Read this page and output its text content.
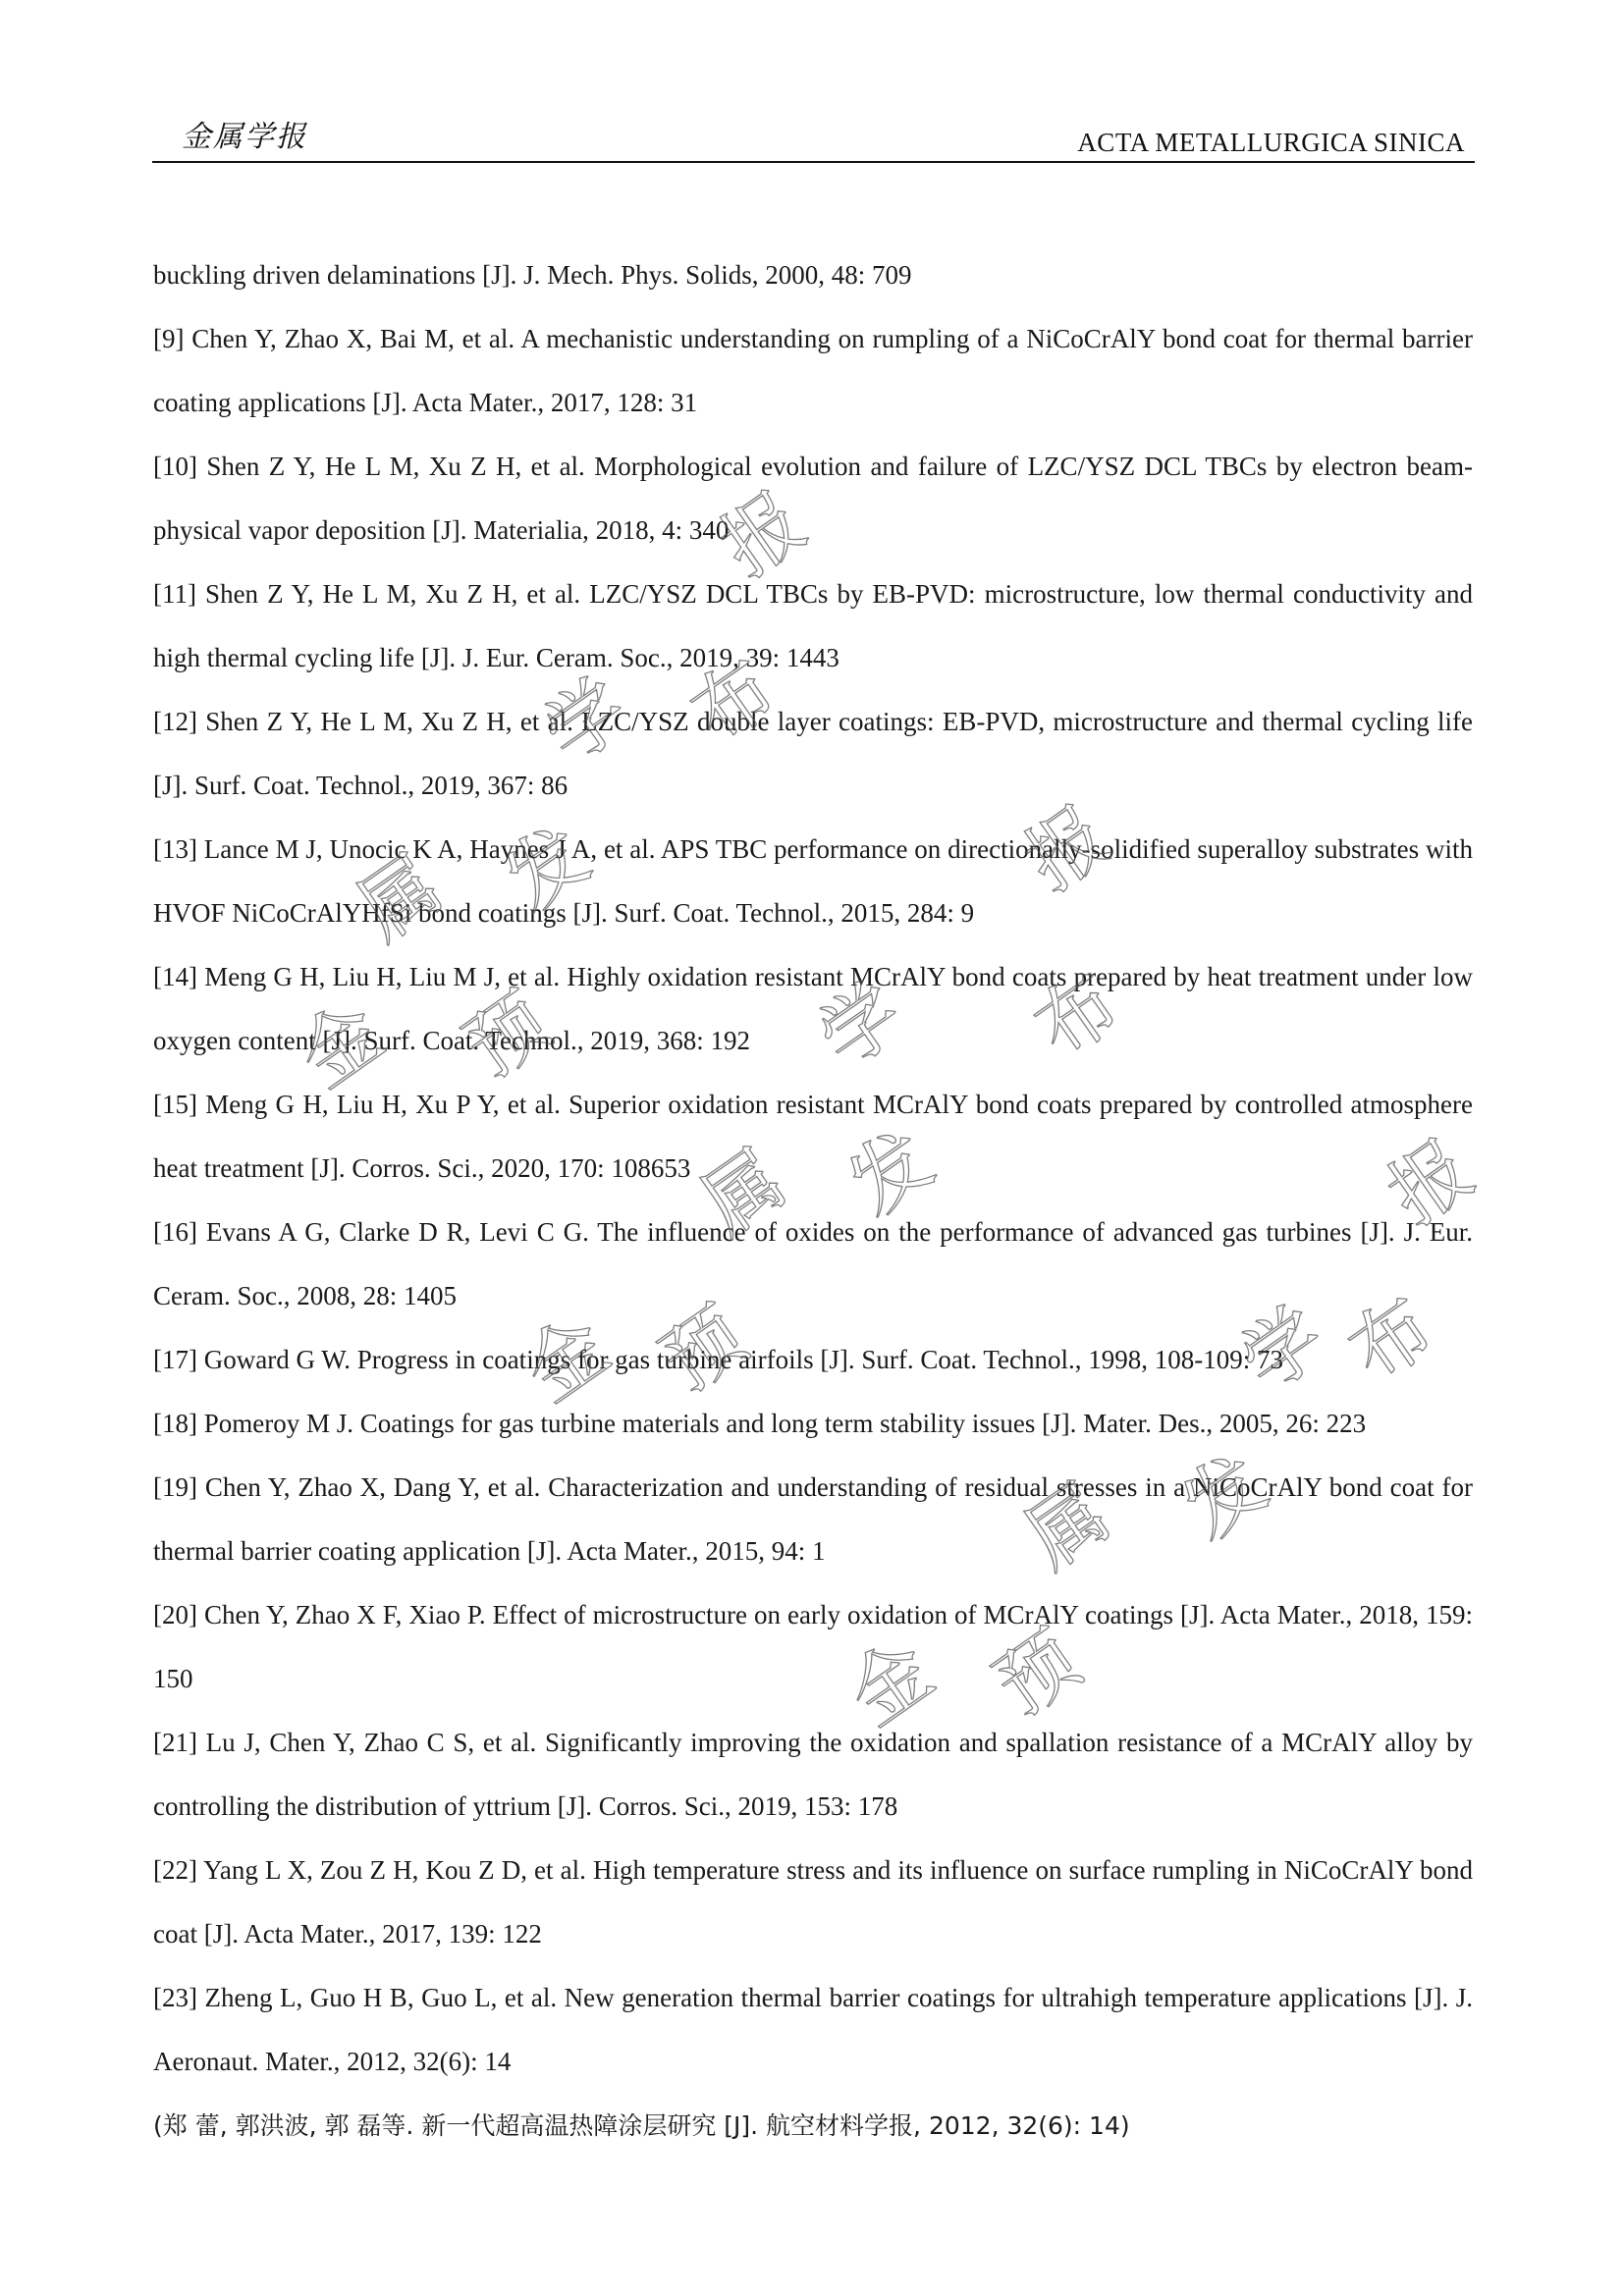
金属学报	ACTA METALLURGICA SINICA

buckling driven delaminations [J]. J. Mech. Phys. Solids, 2000, 48: 709

[9] Chen Y, Zhao X, Bai M, et al. A mechanistic understanding on rumpling of a NiCoCrAlY bond coat for thermal barrier coating applications [J]. Acta Mater., 2017, 128: 31

[10] Shen Z Y, He L M, Xu Z H, et al. Morphological evolution and failure of LZC/YSZ DCL TBCs by electron beam-physical vapor deposition [J]. Materialia, 2018, 4: 340

[11] Shen Z Y, He L M, Xu Z H, et al. LZC/YSZ DCL TBCs by EB-PVD: microstructure, low thermal conductivity and high thermal cycling life [J]. J. Eur. Ceram. Soc., 2019, 39: 1443

[12] Shen Z Y, He L M, Xu Z H, et al. LZC/YSZ double layer coatings: EB-PVD, microstructure and thermal cycling life [J]. Surf. Coat. Technol., 2019, 367: 86

[13] Lance M J, Unocic K A, Haynes J A, et al. APS TBC performance on directionally-solidified superalloy substrates with HVOF NiCoCrAlYHfSi bond coatings [J]. Surf. Coat. Technol., 2015, 284: 9

[14] Meng G H, Liu H, Liu M J, et al. Highly oxidation resistant MCrAlY bond coats prepared by heat treatment under low oxygen content [J]. Surf. Coat. Technol., 2019, 368: 192

[15] Meng G H, Liu H, Xu P Y, et al. Superior oxidation resistant MCrAlY bond coats prepared by controlled atmosphere heat treatment [J]. Corros. Sci., 2020, 170: 108653

[16] Evans A G, Clarke D R, Levi C G. The influence of oxides on the performance of advanced gas turbines [J]. J. Eur. Ceram. Soc., 2008, 28: 1405

[17] Goward G W. Progress in coatings for gas turbine airfoils [J]. Surf. Coat. Technol., 1998, 108-109: 73

[18] Pomeroy M J. Coatings for gas turbine materials and long term stability issues [J]. Mater. Des., 2005, 26: 223

[19] Chen Y, Zhao X, Dang Y, et al. Characterization and understanding of residual stresses in a NiCoCrAlY bond coat for thermal barrier coating application [J]. Acta Mater., 2015, 94: 1

[20] Chen Y, Zhao X F, Xiao P. Effect of microstructure on early oxidation of MCrAlY coatings [J]. Acta Mater., 2018, 159: 150

[21] Lu J, Chen Y, Zhao C S, et al. Significantly improving the oxidation and spallation resistance of a MCrAlY alloy by controlling the distribution of yttrium [J]. Corros. Sci., 2019, 153: 178

[22] Yang L X, Zou Z H, Kou Z D, et al. High temperature stress and its influence on surface rumpling in NiCoCrAlY bond coat [J]. Acta Mater., 2017, 139: 122

[23] Zheng L, Guo H B, Guo L, et al. New generation thermal barrier coatings for ultrahigh temperature applications [J]. J. Aeronaut. Mater., 2012, 32(6): 14

(郑 蕾, 郭洪波, 郭 磊等. 新一代超高温热障涂层研究 [J]. 航空材料学报, 2012, 32(6): 14)

报
学 布
属 发	报
金 预	学 布
属 发	报
金 预	学
布
属 发
金 预
